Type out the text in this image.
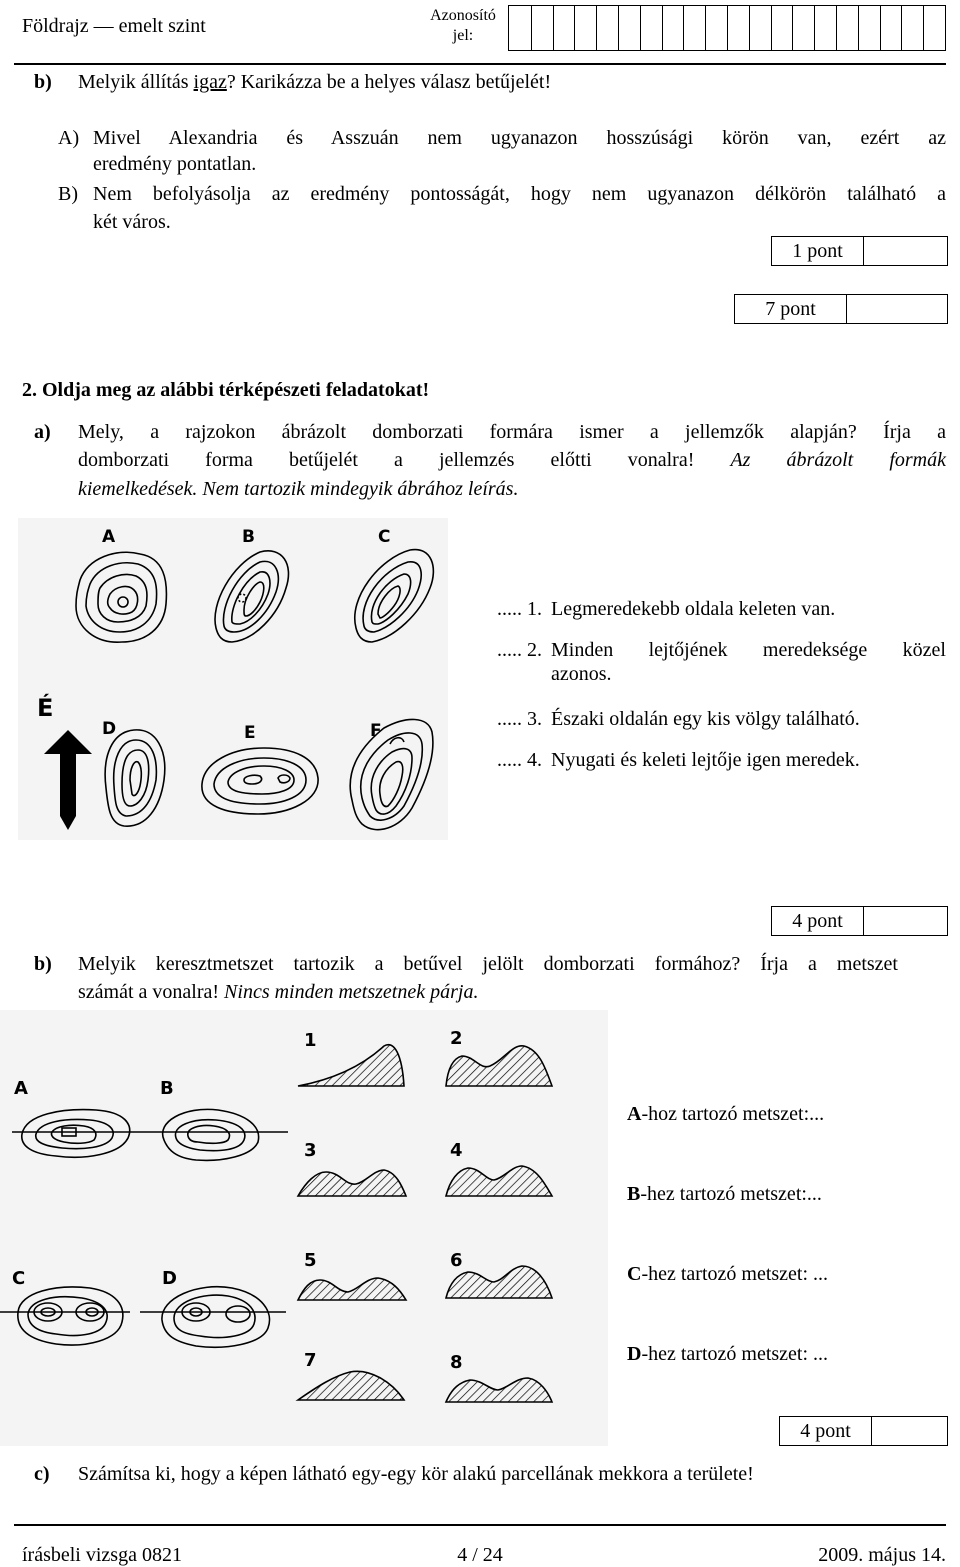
Földrajz — emelt szint	Azonosító
jel:
b) Melyik állítás igaz? Karikázza be a helyes válasz betűjelét!
A) Mivel Alexandria és Asszuán nem ugyanazon hosszúsági körön van, ezért az
eredmény pontatlan.
B) Nem befolyásolja az eredmény pontosságát, hogy nem ugyanazon délkörön található a
két város.
1 pont
7 pont
2. Oldja meg az alábbi térképészeti feladatokat!
a) Mely, a rajzokon ábrázolt domborzati formára ismer a jellemzők alapján? Írja a
domborzati forma betűjelét a jellemzés előtti vonalra! Az ábrázolt formák
kiemelkedések. Nem tartozik mindegyik ábrához leírás.
A	B	C
D	E	F
É
..... 1. Legmeredekebb oldala keleten van.
..... 2. Minden lejtőjének meredeksége közel
azonos.
..... 3. Északi oldalán egy kis völgy található.
..... 4. Nyugati és keleti lejtője igen meredek.
4 pont
b) Melyik keresztmetszet tartozik a betűvel jelölt domborzati formához? Írja a metszet
számát a vonalra! Nincs minden metszetnek párja.
A	B
C	D
1	2
3	4
5	6
7	8
A-hoz tartozó metszet:...
B-hez tartozó metszet:...
C-hez tartozó metszet: ...
D-hez tartozó metszet: ...
4 pont
c) Számítsa ki, hogy a képen látható egy-egy kör alakú parcellának mekkora a területe!
írásbeli vizsga 0821	4 / 24	2009. május 14.
